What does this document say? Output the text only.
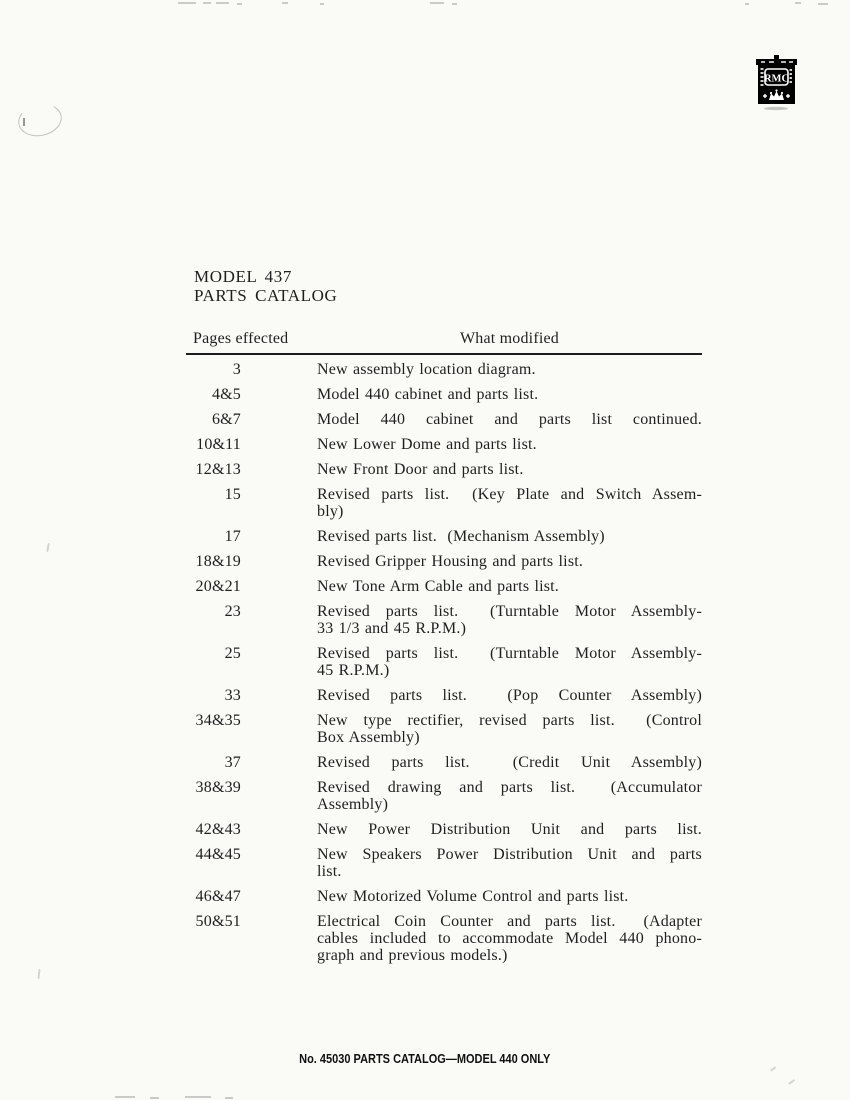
RMC
MODEL 437
PARTS CATALOG
Pages effected	What modified
3	New assembly location diagram.
4&5	Model 440 cabinet and parts list.
6&7	Model 440 cabinet and parts list continued.
10&11	New Lower Dome and parts list.
12&13	New Front Door and parts list.
15	Revised parts list.  (Key Plate and Switch Assem-
bly)
17	Revised parts list.  (Mechanism Assembly)
18&19	Revised Gripper Housing and parts list.
20&21	New Tone Arm Cable and parts list.
23	Revised parts list.  (Turntable Motor Assembly-
33 1/3 and 45 R.P.M.)
25	Revised parts list.  (Turntable Motor Assembly-
45 R.P.M.)
33	Revised parts list.  (Pop Counter Assembly)
34&35	New type rectifier, revised parts list.  (Control
Box Assembly)
37	Revised parts list.  (Credit Unit Assembly)
38&39	Revised drawing and parts list.  (Accumulator
Assembly)
42&43	New Power Distribution Unit and parts list.
44&45	New Speakers Power Distribution Unit and parts
list.
46&47	New Motorized Volume Control and parts list.
50&51	Electrical Coin Counter and parts list.  (Adapter
cables included to accommodate Model 440 phono-
graph and previous models.)
No. 45030 PARTS CATALOG—MODEL 440 ONLY
